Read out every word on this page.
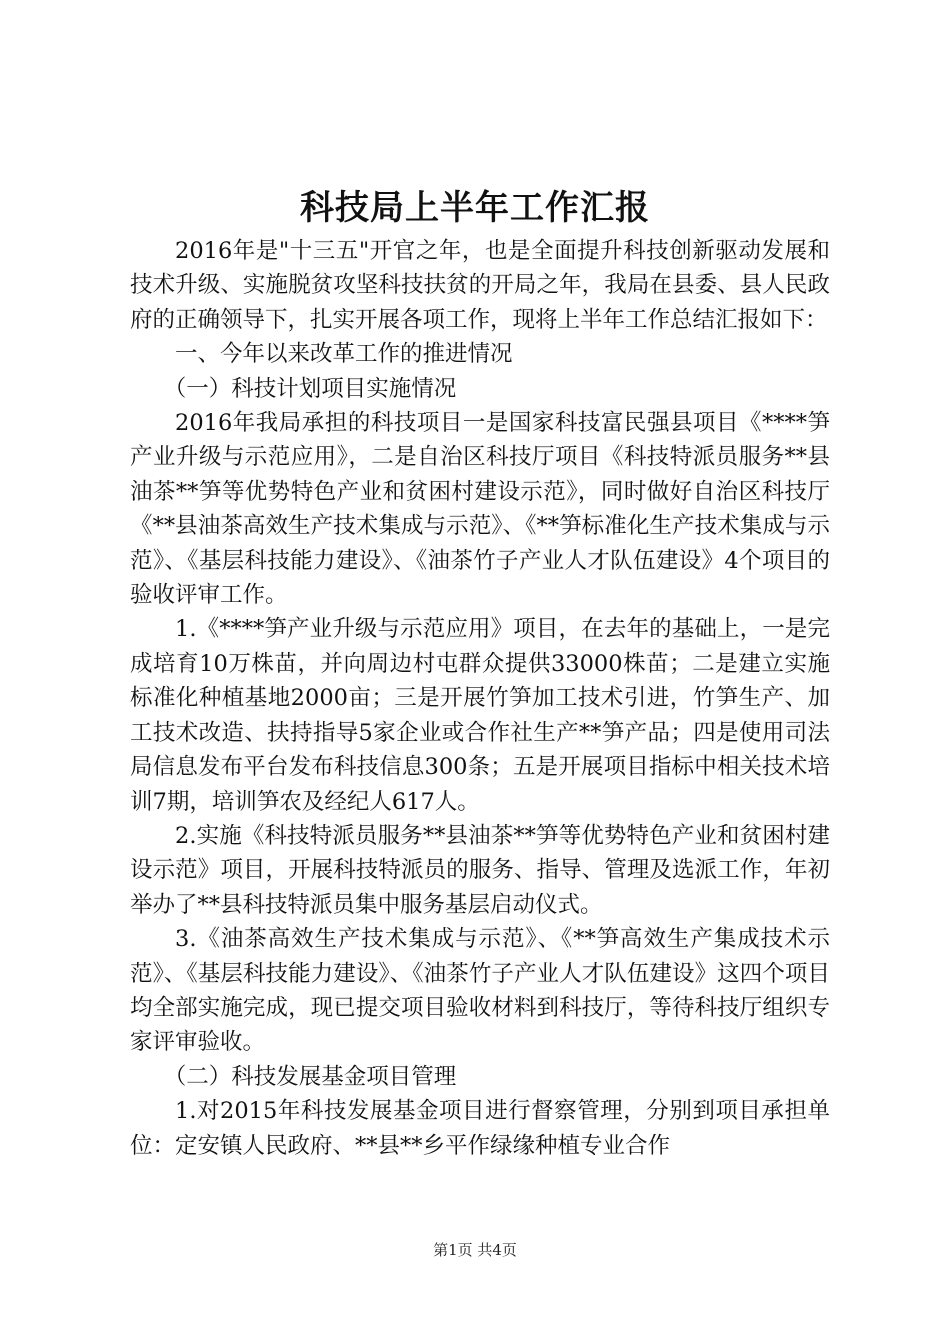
科技局上半年工作汇报

2016年是"十三五"开官之年，也是全面提升科技创新驱动发展和技术升级、实施脱贫攻坚科技扶贫的开局之年，我局在县委、县人民政府的正确领导下，扎实开展各项工作，现将上半年工作总结汇报如下：

一、今年以来改革工作的推进情况

（一）科技计划项目实施情况

2016年我局承担的科技项目一是国家科技富民强县项目《****笋产业升级与示范应用》，二是自治区科技厅项目《科技特派员服务**县油茶**笋等优势特色产业和贫困村建设示范》，同时做好自治区科技厅《**县油茶高效生产技术集成与示范》、《**笋标准化生产技术集成与示范》、《基层科技能力建设》、《油茶竹子产业人才队伍建设》4个项目的验收评审工作。

1.《****笋产业升级与示范应用》项目，在去年的基础上，一是完成培育10万株苗，并向周边村屯群众提供33000株苗；二是建立实施标准化种植基地2000亩；三是开展竹笋加工技术引进，竹笋生产、加工技术改造、扶持指导5家企业或合作社生产**笋产品；四是使用司法局信息发布平台发布科技信息300条；五是开展项目指标中相关技术培训7期，培训笋农及经纪人617人。

2.实施《科技特派员服务**县油茶**笋等优势特色产业和贫困村建设示范》项目，开展科技特派员的服务、指导、管理及选派工作，年初举办了**县科技特派员集中服务基层启动仪式。

3.《油茶高效生产技术集成与示范》、《**笋高效生产集成技术示范》、《基层科技能力建设》、《油茶竹子产业人才队伍建设》这四个项目均全部实施完成，现已提交项目验收材料到科技厅，等待科技厅组织专家评审验收。

（二）科技发展基金项目管理

1.对2015年科技发展基金项目进行督察管理，分别到项目承担单位：定安镇人民政府、**县**乡平作绿缘种植专业合作

第1页 共4页
